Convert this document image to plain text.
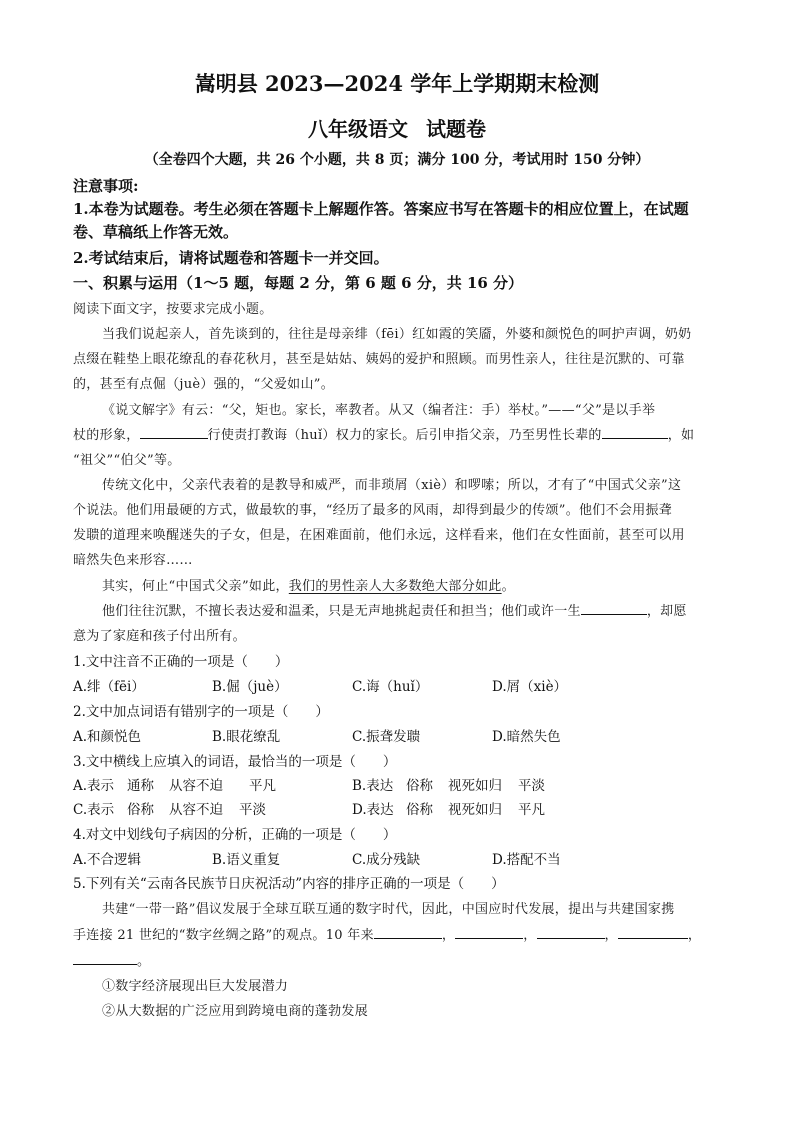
嵩明县 2023—2024 学年上学期期末检测
八年级语文 试题卷
（全卷四个大题，共 26 个小题，共 8 页；满分 100 分，考试用时 150 分钟）
注意事项:
1.本卷为试题卷。考生必须在答题卡上解题作答。答案应书写在答题卡的相应位置上，在试题
卷、草稿纸上作答无效。
2.考试结束后，请将试题卷和答题卡一并交回。
一、积累与运用（1～5 题，每题 2 分，第 6 题 6 分，共 16 分）
阅读下面文字，按要求完成小题。
当我们说起亲人，首先谈到的，往往是母亲绯（fēi）红如霞的笑靥，外婆和颜悦色的呵护声调，奶奶
点缀在鞋垫上眼花缭乱的春花秋月，甚至是姑姑、姨妈的爱护和照顾。而男性亲人，往往是沉默的、可靠
的，甚至有点倔（juè）强的，“父爱如山”。
《说文解字》有云：“父，矩也。家长，率教者。从又（编者注：手）举杖。”——“父”是以手举
杖的形象，	行使责打教诲（huǐ）权力的家长。后引申指父亲，乃至男性长辈的	，如
“祖父”“伯父”等。
传统文化中，父亲代表着的是教导和威严，而非琐屑（xiè）和啰嗦；所以，才有了“中国式父亲”这
个说法。他们用最硬的方式，做最软的事，“经历了最多的风雨，却得到最少的传颂”。他们不会用振聋
发聩的道理来唤醒迷失的子女，但是，在困难面前，他们永远，这样看来，他们在女性面前，甚至可以用
暗然失色来形容……
其实，何止“中国式父亲”如此，我们的男性亲人大多数绝大部分如此。
他们往往沉默，不擅长表达爱和温柔，只是无声地挑起责任和担当；他们或许一生	，却愿
意为了家庭和孩子付出所有。
1.文中注音不正确的一项是（　　）
A.绯（fēi）	B.倔（juè）	C.诲（huǐ）	D.屑（xiè）
2.文中加点词语有错别字的一项是（　　）
A.和颜悦色	B.眼花缭乱	C.振聋发聩	D.暗然失色
3.文中横线上应填入的词语，最恰当的一项是（　　）
A.表示 通称 从容不迫 平凡	B.表达 俗称 视死如归 平淡
C.表示 俗称 从容不迫 平淡	D.表达 俗称 视死如归 平凡
4.对文中划线句子病因的分析，正确的一项是（　　）
A.不合逻辑	B.语义重复	C.成分残缺	D.搭配不当
5.下列有关“云南各民族节日庆祝活动”内容的排序正确的一项是（　　）
共建“一带一路”倡议发展于全球互联互通的数字时代，因此，中国应时代发展，提出与共建国家携
手连接 21 世纪的“数字丝绸之路”的观点。10 年来	，	，	，	，
。
①数字经济展现出巨大发展潜力
②从大数据的广泛应用到跨境电商的蓬勃发展
